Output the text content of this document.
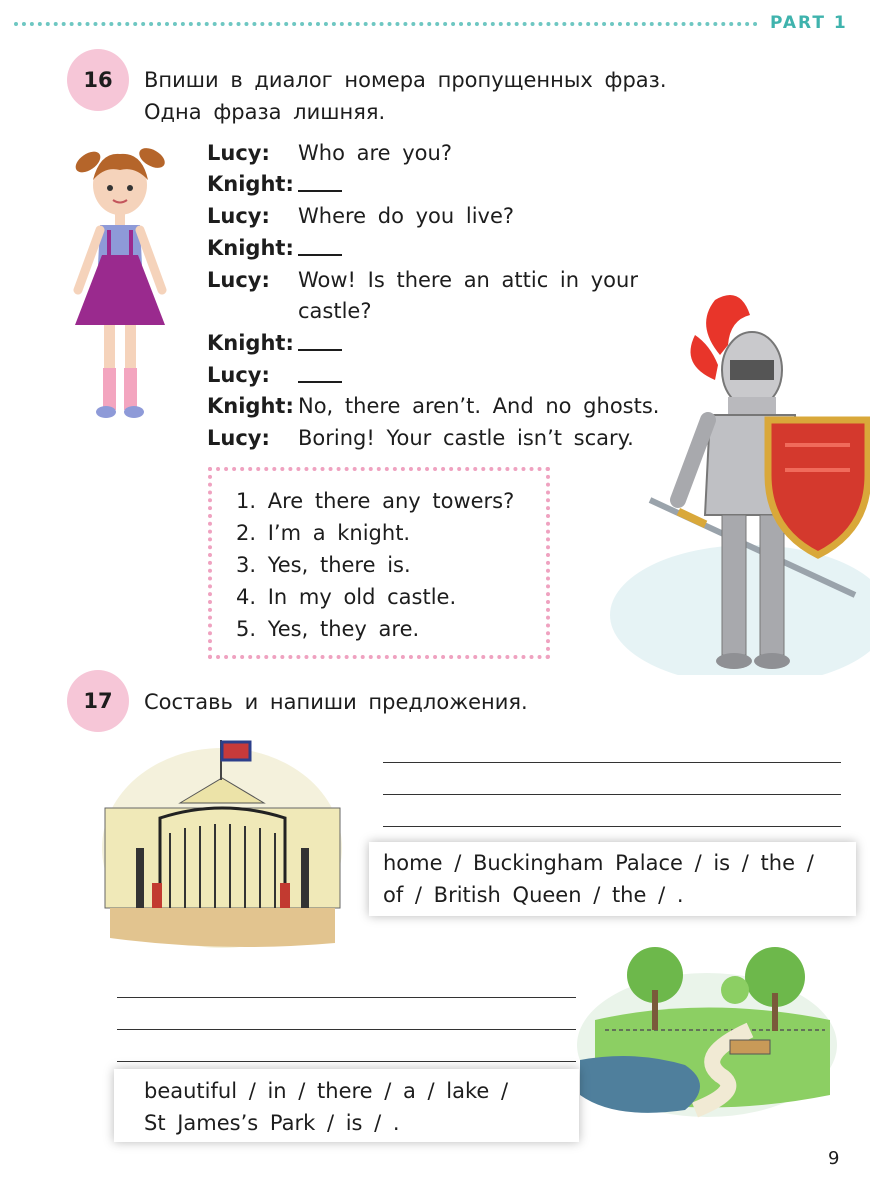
PART 1
16	Впиши в диалог номера пропущенных фраз.
Одна фраза лишняя.
Lucy: Who are you?
Knight:
Lucy: Where do you live?
Knight:
Lucy: Wow! Is there an attic in your
castle?
Knight:
Lucy:
Knight: No, there aren’t. And no ghosts.
Lucy: Boring! Your castle isn’t scary.
1. Are there any towers?
2. I’m a knight.
3. Yes, there is.
4. In my old castle.
5. Yes, they are.
17	Составь и напиши предложения.
home / Buckingham Palace / is / the /
of / British Queen / the / .
beautiful / in / there / a / lake /
St James’s Park / is / .
9
